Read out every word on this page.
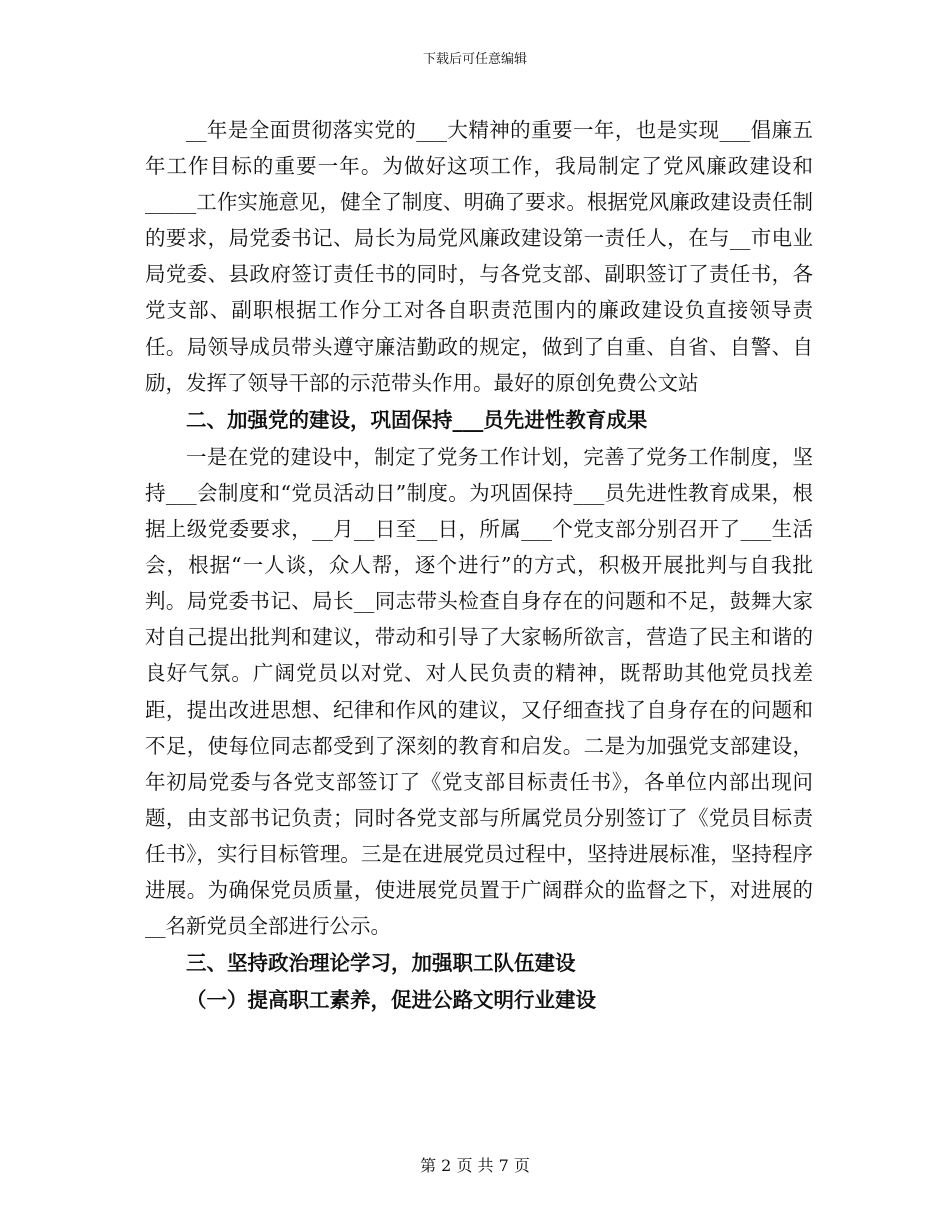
下载后可任意编辑

__年是全面贯彻落实党的___大精神的重要一年，也是实现___倡廉五年工作目标的重要一年。为做好这项工作，我局制定了党风廉政建设和_____工作实施意见，健全了制度、明确了要求。根据党风廉政建设责任制的要求，局党委书记、局长为局党风廉政建设第一责任人，在与__市电业局党委、县政府签订责任书的同时，与各党支部、副职签订了责任书，各党支部、副职根据工作分工对各自职责范围内的廉政建设负直接领导责任。局领导成员带头遵守廉洁勤政的规定，做到了自重、自省、自警、自励，发挥了领导干部的示范带头作用。最好的原创免费公文站

二、加强党的建设，巩固保持___员先进性教育成果

一是在党的建设中，制定了党务工作计划，完善了党务工作制度，坚持___会制度和“党员活动日”制度。为巩固保持___员先进性教育成果，根据上级党委要求，__月__日至__日，所属___个党支部分别召开了___生活会，根据“一人谈，众人帮，逐个进行”的方式，积极开展批判与自我批判。局党委书记、局长__同志带头检查自身存在的问题和不足，鼓舞大家对自己提出批判和建议，带动和引导了大家畅所欲言，营造了民主和谐的良好气氛。广阔党员以对党、对人民负责的精神，既帮助其他党员找差距，提出改进思想、纪律和作风的建议，又仔细查找了自身存在的问题和不足，使每位同志都受到了深刻的教育和启发。二是为加强党支部建设，年初局党委与各党支部签订了《党支部目标责任书》，各单位内部出现问题，由支部书记负责；同时各党支部与所属党员分别签订了《党员目标责任书》，实行目标管理。三是在进展党员过程中，坚持进展标准，坚持程序进展。为确保党员质量，使进展党员置于广阔群众的监督之下，对进展的__名新党员全部进行公示。

三、坚持政治理论学习，加强职工队伍建设

（一）提高职工素养，促进公路文明行业建设

第 2 页 共 7 页
